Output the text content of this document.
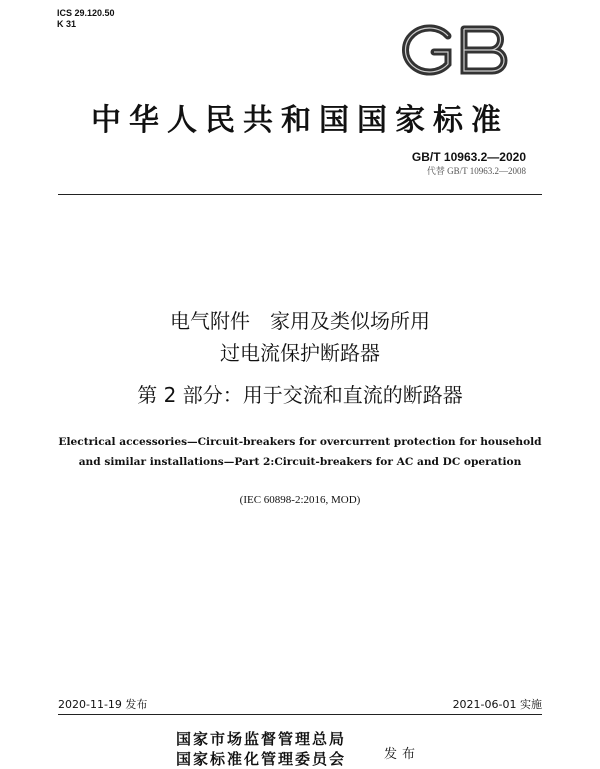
ICS 29.120.50
K 31
中华人民共和国国家标准
GB/T 10963.2—2020
代替 GB/T 10963.2—2008
电气附件　家用及类似场所用
过电流保护断路器
第 2 部分：用于交流和直流的断路器
Electrical accessories—Circuit-breakers for overcurrent protection for household
and similar installations—Part 2:Circuit-breakers for AC and DC operation
(IEC 60898-2:2016, MOD)
2020-11-19 发布	2021-06-01 实施
国家市场监督管理总局
国家标准化管理委员会	发布
